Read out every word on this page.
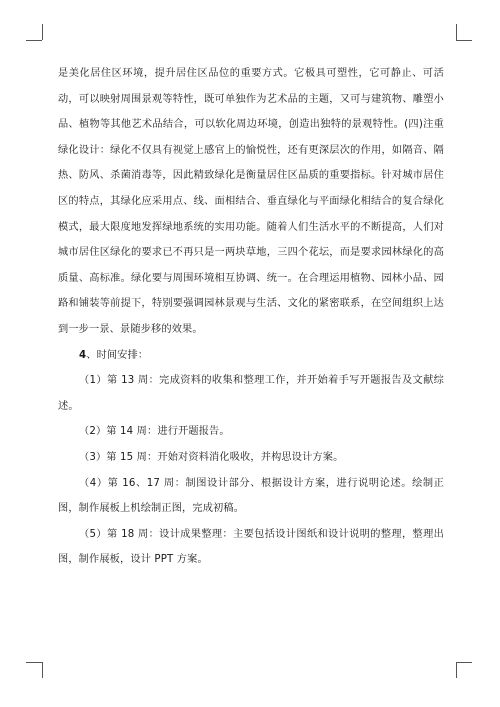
是美化居住区环境，提升居住区品位的重要方式。它极具可塑性，它可静止、可活动，可以映射周围景观等特性，既可单独作为艺术品的主题，又可与建筑物、雕塑小品、植物等其他艺术品结合，可以软化周边环境，创造出独特的景观特性。(四)注重绿化设计：绿化不仅具有视觉上感官上的愉悦性，还有更深层次的作用，如隔音、隔热、防风、杀菌消毒等，因此精致绿化是衡量居住区品质的重要指标。针对城市居住区的特点，其绿化应采用点、线、面相结合、垂直绿化与平面绿化相结合的复合绿化模式，最大限度地发挥绿地系统的实用功能。随着人们生活水平的不断提高，人们对城市居住区绿化的要求已不再只是一两块草地，三四个花坛，而是要求园林绿化的高质量、高标准。绿化要与周围环境相互协调、统一。在合理运用植物、园林小品、园路和铺装等前提下，特别要强调园林景观与生活、文化的紧密联系，在空间组织上达到一步一景、景随步移的效果。

4、时间安排：

（1）第 13 周：完成资料的收集和整理工作，并开始着手写开题报告及文献综述。

（2）第 14 周：进行开题报告。

（3）第 15 周：开始对资料消化吸收，并构思设计方案。

（4）第 16、17 周：制图设计部分、根据设计方案，进行说明论述。绘制正图，制作展板上机绘制正图，完成初稿。

（5）第 18 周：设计成果整理：主要包括设计图纸和设计说明的整理，整理出图，制作展板，设计 PPT 方案。
